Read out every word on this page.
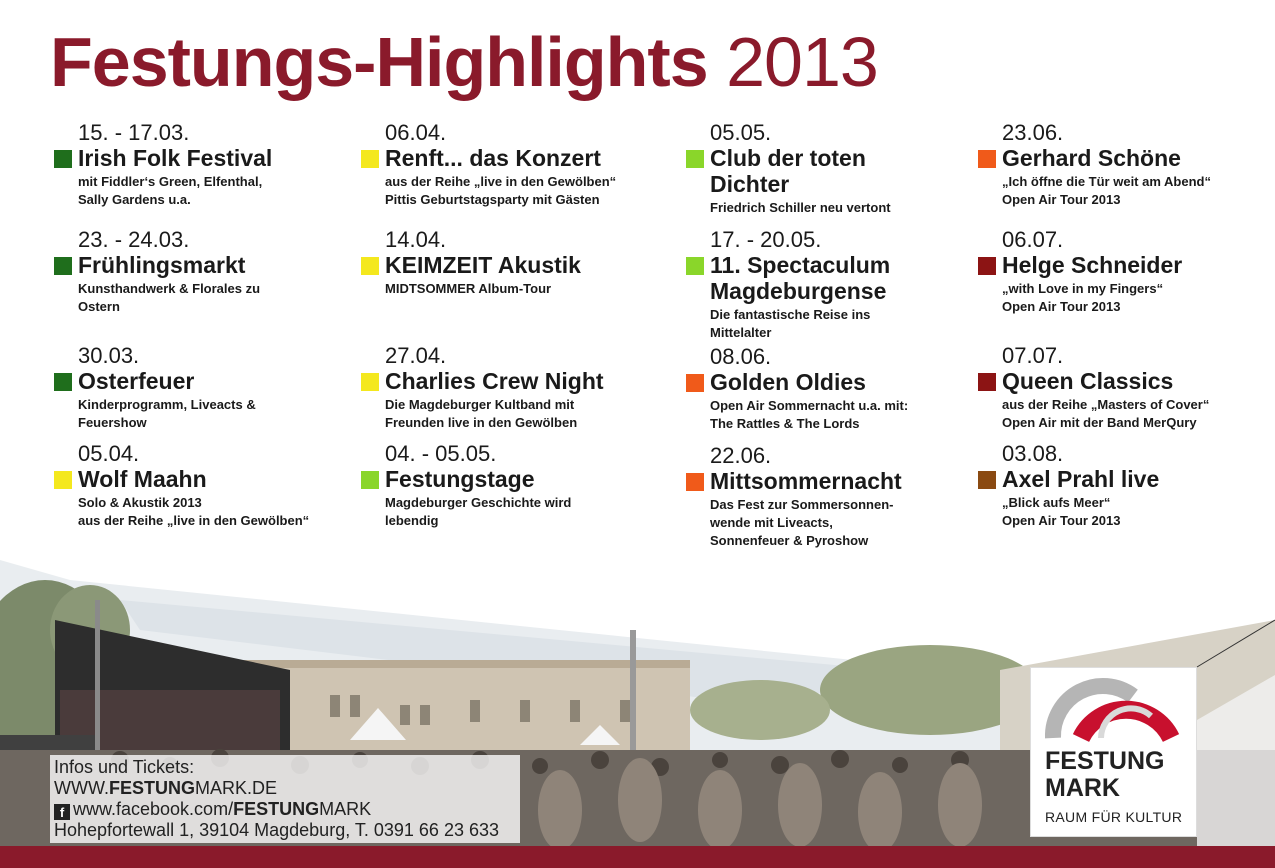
Festungs-Highlights 2013
15. - 17.03.
Irish Folk Festival
mit Fiddler‘s Green, Elfenthal,
Sally Gardens u.a.
23. - 24.03.
Frühlingsmarkt
Kunsthandwerk & Florales zu
Ostern
30.03.
Osterfeuer
Kinderprogramm, Liveacts &
Feuershow
05.04.
Wolf Maahn
Solo & Akustik 2013
aus der Reihe „live in den Gewölben“
06.04.
Renft... das Konzert
aus der Reihe „live in den Gewölben“
Pittis Geburtstagsparty mit Gästen
14.04.
KEIMZEIT Akustik
MIDTSOMMER Album-Tour
27.04.
Charlies Crew Night
Die Magdeburger Kultband mit
Freunden live in den Gewölben
04. - 05.05.
Festungstage
Magdeburger Geschichte wird
lebendig
05.05.
Club der toten Dichter
Friedrich Schiller neu vertont
17. - 20.05.
11. Spectaculum Magdeburgense
Die fantastische Reise ins
Mittelalter
08.06.
Golden Oldies
Open Air Sommernacht u.a. mit:
The Rattles & The Lords
22.06.
Mittsommernacht
Das Fest zur Sommersonnen-
wende mit Liveacts,
Sonnenfeuer & Pyroshow
23.06.
Gerhard Schöne
„Ich öffne die Tür weit am Abend“
Open Air Tour 2013
06.07.
Helge Schneider
„with Love in my Fingers“
Open Air Tour 2013
07.07.
Queen Classics
aus der Reihe „Masters of Cover“
Open Air mit der Band MerQury
03.08.
Axel Prahl live
„Blick aufs Meer“
Open Air Tour 2013
Infos und Tickets:
WWW.FESTUNGMARK.DE
f www.facebook.com/FESTUNGMARK
Hohepfortewall 1, 39104 Magdeburg, T. 0391 66 23 633
FESTUNG
MARK
RAUM FÜR KULTUR
